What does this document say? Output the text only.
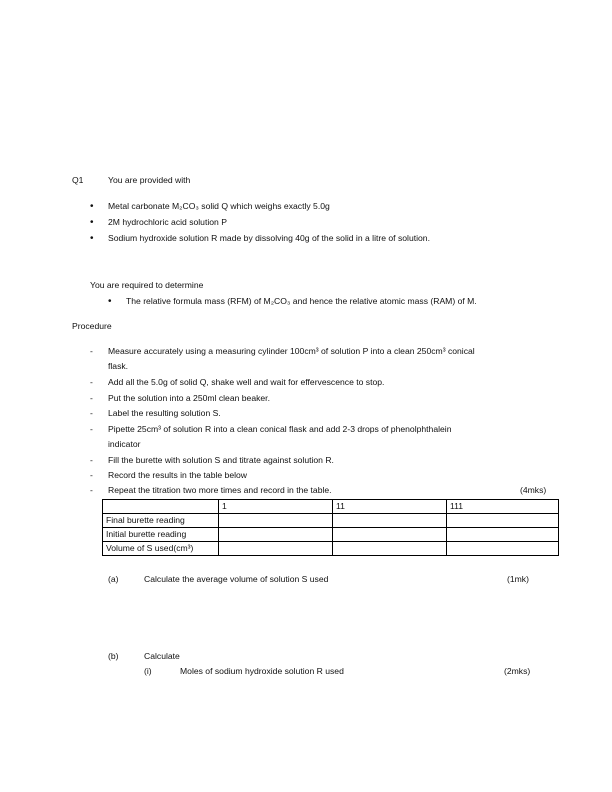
Q1	You are provided with
• Metal carbonate M₂CO₃ solid Q which weighs exactly 5.0g
• 2M hydrochloric acid solution P
• Sodium hydroxide solution R made by dissolving 40g of the solid in a litre of solution.
You are required to determine
• The relative formula mass (RFM) of M₂CO₃ and hence the relative atomic mass (RAM) of M.
Procedure
- Measure accurately using a measuring cylinder 100cm³ of solution P into a clean 250cm³ conical
flask.
- Add all the 5.0g of solid Q, shake well and wait for effervescence to stop.
- Put the solution into a 250ml clean beaker.
- Label the resulting solution S.
- Pipette 25cm³ of solution R into a clean conical flask and add 2-3 drops of phenolphthalein
indicator
- Fill the burette with solution S and titrate against solution R.
- Record the results in the table below
- Repeat the titration two more times and record in the table.	(4mks)
	1	11	111
Final burette reading			
Initial burette reading			
Volume of S used(cm³)			
(a)	Calculate the average volume of solution S used	(1mk)
(b)	Calculate
(i)	Moles of sodium hydroxide solution R used	(2mks)
